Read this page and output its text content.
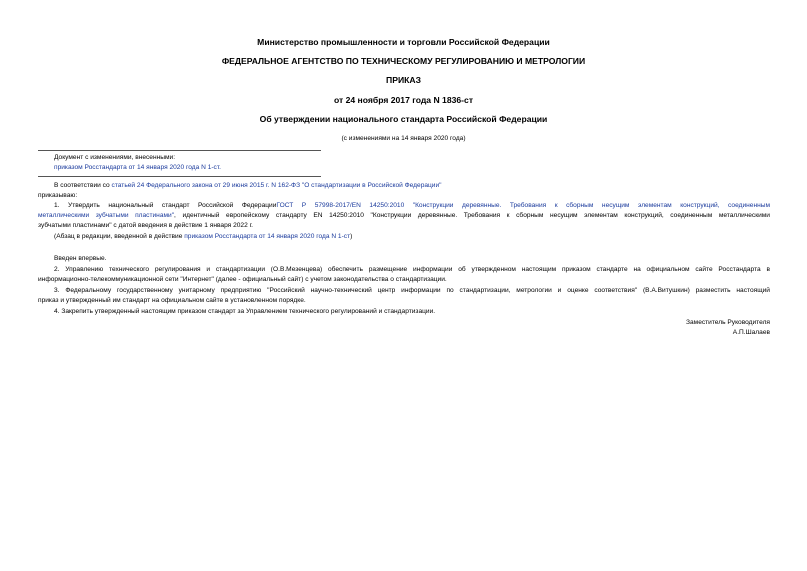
Министерство промышленности и торговли Российской Федерации
ФЕДЕРАЛЬНОЕ АГЕНТСТВО ПО ТЕХНИЧЕСКОМУ РЕГУЛИРОВАНИЮ И МЕТРОЛОГИИ
ПРИКАЗ
от 24 ноября 2017 года N 1836-ст
Об утверждении национального стандарта Российской Федерации
(с изменениями на 14 января 2020 года)
Документ с изменениями, внесенными:
приказом Росстандарта от 14 января 2020 года N 1-ст.
В соответствии со статьей 24 Федерального закона от 29 июня 2015 г. N 162-ФЗ "О стандартизации в Российской Федерации"
приказываю:
1. Утвердить национальный стандарт Российской ФедерацииГОСТ Р 57998-2017/EN 14250:2010 "Конструкции деревянные. Требования к сборным несущим элементам конструкций, соединенным
металлическими зубчатыми пластинами", идентичный европейскому стандарту EN 14250:2010 "Конструкции деревянные. Требования к сборным несущим элементам конструкций, соединенным металлическими
зубчатыми пластинами" с датой введения в действие 1 января 2022 г.
(Абзац в редакции, введенной в действие приказом Росстандарта от 14 января 2020 года N 1-ст)
Введен впервые.
2. Управлению технического регулирования и стандартизации (О.В.Мезенцева) обеспечить размещение информации об утвержденном настоящим приказом стандарте на официальном сайте Росстандарта в
информационно-телекоммуникационной сети "Интернет" (далее - официальный сайт) с учетом законодательства о стандартизации.
3. Федеральному государственному унитарному предприятию "Российский научно-технический центр информации по стандартизации, метрологии и оценке соответствия" (В.А.Витушкин) разместить настоящий
приказ и утвержденный им стандарт на официальном сайте в установленном порядке.
4. Закрепить утвержденный настоящим приказом стандарт за Управлением технического регулирований и стандартизации.
Заместитель Руководителя
А.П.Шалаев
